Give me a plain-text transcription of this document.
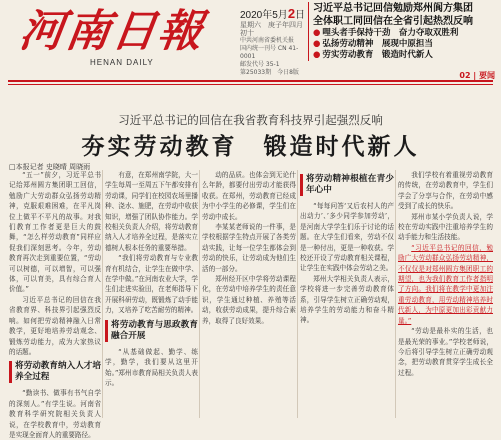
河南日報
HENAN DAILY
2020年5月2日
星期六　庚子年四月初十
中共河南省委机关报
国内统一刊号 CN 41-0001
邮发代号 35-1
第25033期　今日8版
习近平总书记回信勉励郑州阆方集团
全体职工同回信在全省引起热烈反响
● 哩头者手保持干劲　奋力夺取双胜利
● 弘扬劳动精神　展现中原担当
● 劳实劳动教育　锻造时代新人
02 | 要闻
习近平总书记的回信在我省教育科技界引起强烈反响
夯实劳动教育　锻造时代新人
□本报记者 史晓晴 周晓雨

“五一”前夕，习近平总书记给郑州圆方集团职工回信，勉励广大劳动群众弘扬劳动精神，克服艰难困难，在平凡岗位上做平不平凡的故事。对我们教育工作者更是巨大的鼓舞，“怎么样劳动教育”同样应促我们深刻思考。今年，劳动教育再次走到重要位置，“劳动可以树德，可以增智，可以强体，可以育美，具有综合育人价值。”

习近平总书记的回信在我省教育界、科技界引起强烈反响。如何把劳动精神融入日常教学，更好地培养劳动观念、锻炼劳动能力，成为大家热议的话题。

将劳动教育纳入人才培养全过程

“勤读书、做事有书气自学的深刻人。”有学生说。河南省教育科学研究院相关负责人说，在学校教育中，劳动教育是实现全面育人的重要路径。

有意，在郑州南学院，大一学生每周一至周五下午都安排有劳动课，同学们在校园农场里播种、浇水、施肥，在劳动中收获知识，增强了团队协作能力。学校相关负责人介绍，将劳动教育纳入人才培养全过程，是落实立德树人根本任务的重要举措。

“我们将劳动教育与专业教育有机结合，让学生在做中学、在学中做。”在河南农业大学，学生们走进实验田，在老师指导下开展科研劳动，既锻炼了动手能力，又培养了吃苦耐劳的精神。

将劳动教育与思政教育融合开展

“从基础做起、勤学、练学，勤学，我们要从这里开始。”郑州市教育局相关负责人表示。

动的品质。也体会到无论什么年龄，都要付出劳动才能获得收获。在郑州，劳动教育已经成为中小学生的必修课，学生们在劳动中成长。

李某某老师说的一件事，是学校根据学生特点开展了各类劳动实践，让每一位学生都体会到劳动的快乐，让劳动成为他们生活的一部分。

郑州经开区中学将劳动课程化，在劳动中培养学生的责任意识，学生通过种植、养殖等活动，收获劳动成果，提升综合素养，取得了良好效果。

将劳动精神根植在青少年心中

“每每问答‘又后农村人的产出动力’、’多少同学参加劳动’，是河南大学学生们乐于讨论的话题。在大学生们看来，劳动不仅是一种付出，更是一种收获。学校还开设了劳动教育相关课程，让学生在实践中体会劳动之美。

郑州大学相关负责人表示，学校将进一步完善劳动教育体系，引导学生树立正确劳动观，培养学生的劳动能力和奋斗精神。

我们学校有着重视劳动教育的传统，在劳动教育中，学生们学会了分享与合作，在劳动中感受到了成长的快乐。

郑州市某小学负责人说，学校在劳动实践中注重培养学生的动手能力和生活技能。

“习近平总书记的回信，勉励广大劳动群众弘扬劳动精神，不仅仅是对郑州圆方集团职工的期望，也为我们教育工作者指明了方向。我们将在教学中更加注重劳动教育，用劳动精神培养时代新人，为中原更加出彩贡献力量。”

“劳动是最朴实的生活，也是最光荣的事业。”学校老师说，今后将引导学生树立正确劳动观念，把劳动教育贯穿学生成长全过程。
